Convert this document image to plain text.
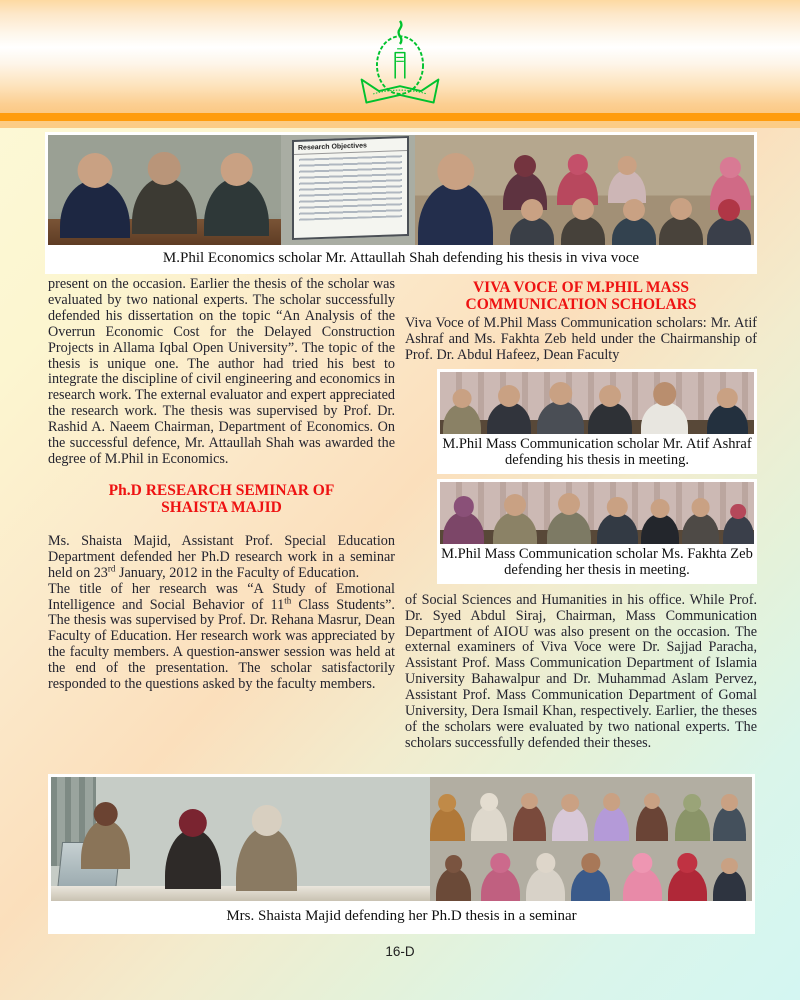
Research Objectives
M.Phil Economics scholar Mr. Attaullah Shah defending his thesis in viva voce

present on the occasion. Earlier the thesis of the scholar was evaluated by two national experts. The scholar successfully defended his dissertation on the topic “An Analysis of the Overrun Economic Cost for the Delayed Construction Projects in Allama Iqbal Open University”. The topic of the thesis is unique one. The author had tried his best to integrate the discipline of civil engineering and economics in research work. The external evaluator and expert appreciated the research work. The thesis was supervised by Prof. Dr. Rashid A. Naeem Chairman, Department of Economics. On the successful defence, Mr. Attaullah Shah was awarded the degree of M.Phil in Economics.

Ph.D RESEARCH SEMINAR OF
SHAISTA MAJID

Ms. Shaista Majid, Assistant Prof. Special Education Department defended her Ph.D research work in a seminar held on 23rd January, 2012 in the Faculty of Education.

The title of her research was “A Study of Emotional Intelligence and Social Behavior of 11th Class Students”. The thesis was supervised by Prof. Dr. Rehana Masrur, Dean Faculty of Education. Her research work was appreciated by the faculty members. A question-answer session was held at the end of the presentation. The scholar satisfactorily responded to the questions asked by the faculty members.

VIVA VOCE OF M.PHIL MASS
COMMUNICATION SCHOLARS

Viva Voce of M.Phil Mass Communication scholars: Mr. Atif Ashraf and Ms. Fakhta Zeb held under the Chairmanship of Prof. Dr. Abdul Hafeez, Dean Faculty

M.Phil Mass Communication scholar Mr. Atif Ashraf defending his thesis in meeting.
M.Phil Mass Communication scholar Ms. Fakhta Zeb defending her thesis in meeting.

of Social Sciences and Humanities in his office. While Prof. Dr. Syed Abdul Siraj, Chairman, Mass Communication Department of AIOU was also present on the occasion. The external examiners of Viva Voce were Dr. Sajjad Paracha, Assistant Prof. Mass Communication Department of Islamia University Bahawalpur and Dr. Muhammad Aslam Pervez, Assistant Prof. Mass Communication Department of Gomal University, Dera Ismail Khan, respectively. Earlier, the theses of the scholars were evaluated by two national experts. The scholars successfully defended their theses.

Mrs. Shaista Majid defending her Ph.D thesis in a seminar
16-D
